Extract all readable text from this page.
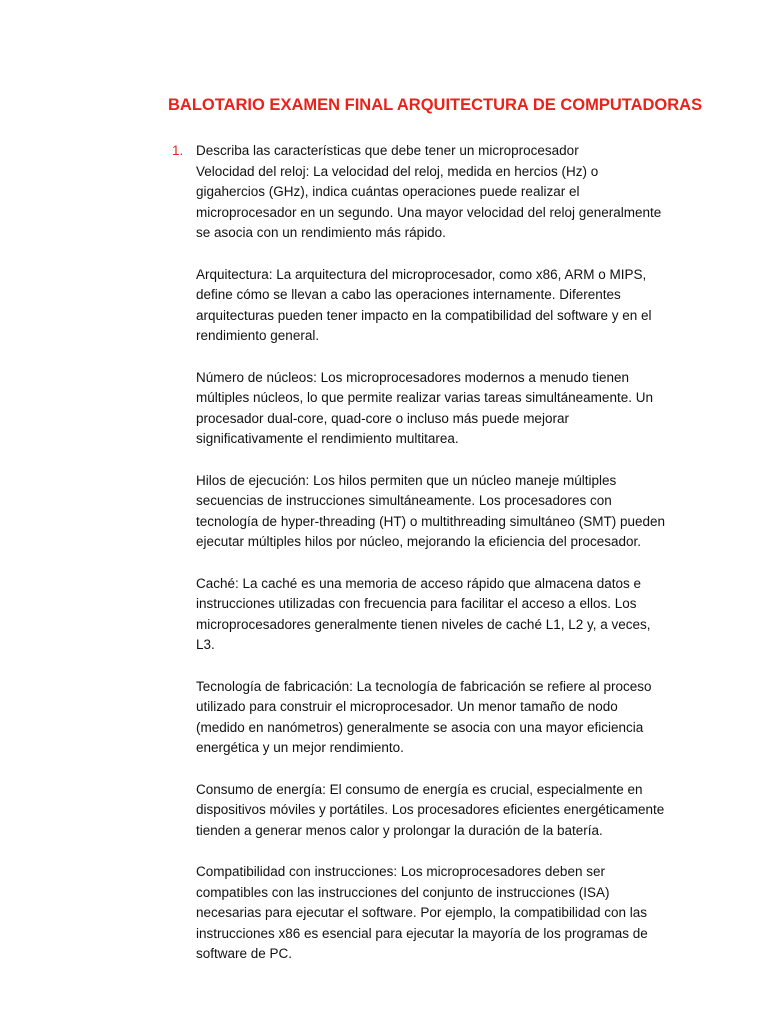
BALOTARIO EXAMEN FINAL ARQUITECTURA DE COMPUTADORAS
1. Describa las características que debe tener un microprocesador

Velocidad del reloj: La velocidad del reloj, medida en hercios (Hz) o gigahercios (GHz), indica cuántas operaciones puede realizar el microprocesador en un segundo. Una mayor velocidad del reloj generalmente se asocia con un rendimiento más rápido.

Arquitectura: La arquitectura del microprocesador, como x86, ARM o MIPS, define cómo se llevan a cabo las operaciones internamente. Diferentes arquitecturas pueden tener impacto en la compatibilidad del software y en el rendimiento general.

Número de núcleos: Los microprocesadores modernos a menudo tienen múltiples núcleos, lo que permite realizar varias tareas simultáneamente. Un procesador dual-core, quad-core o incluso más puede mejorar significativamente el rendimiento multitarea.

Hilos de ejecución: Los hilos permiten que un núcleo maneje múltiples secuencias de instrucciones simultáneamente. Los procesadores con tecnología de hyper-threading (HT) o multithreading simultáneo (SMT) pueden ejecutar múltiples hilos por núcleo, mejorando la eficiencia del procesador.

Caché: La caché es una memoria de acceso rápido que almacena datos e instrucciones utilizadas con frecuencia para facilitar el acceso a ellos. Los microprocesadores generalmente tienen niveles de caché L1, L2 y, a veces, L3.

Tecnología de fabricación: La tecnología de fabricación se refiere al proceso utilizado para construir el microprocesador. Un menor tamaño de nodo (medido en nanómetros) generalmente se asocia con una mayor eficiencia energética y un mejor rendimiento.

Consumo de energía: El consumo de energía es crucial, especialmente en dispositivos móviles y portátiles. Los procesadores eficientes energéticamente tienden a generar menos calor y prolongar la duración de la batería.

Compatibilidad con instrucciones: Los microprocesadores deben ser compatibles con las instrucciones del conjunto de instrucciones (ISA) necesarias para ejecutar el software. Por ejemplo, la compatibilidad con las instrucciones x86 es esencial para ejecutar la mayoría de los programas de software de PC.
